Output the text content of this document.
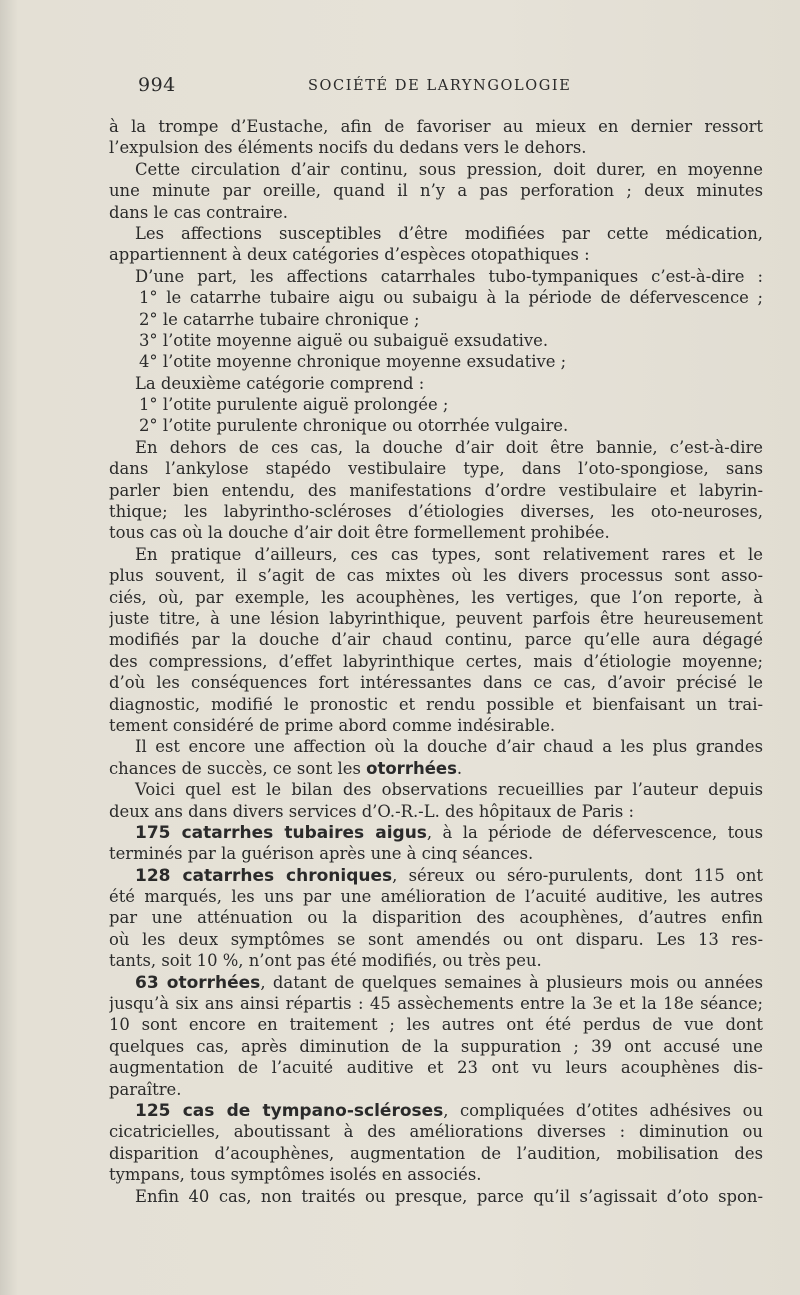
994	SOCIÉTÉ DE LARYNGOLOGIE
à la trompe d’Eustache, afin de favoriser au mieux en dernier ressort
l’expulsion des éléments nocifs du dedans vers le dehors.
Cette circulation d’air continu, sous pression, doit durer, en moyenne
une minute par oreille, quand il n’y a pas perforation ; deux minutes
dans le cas contraire.
Les affections susceptibles d’être modifiées par cette médication,
appartiennent à deux catégories d’espèces otopathiques :
D’une part, les affections catarrhales tubo-tympaniques c’est-à-dire :
1° le catarrhe tubaire aigu ou subaigu à la période de défervescence ;
2° le catarrhe tubaire chronique ;
3° l’otite moyenne aiguë ou subaiguë exsudative.
4° l’otite moyenne chronique moyenne exsudative ;
La deuxième catégorie comprend :
1° l’otite purulente aiguë prolongée ;
2° l’otite purulente chronique ou otorrhée vulgaire.
En dehors de ces cas, la douche d’air doit être bannie, c’est-à-dire
dans l’ankylose stapédo vestibulaire type, dans l’oto-spongiose, sans
parler bien entendu, des manifestations d’ordre vestibulaire et labyrin-
thique; les labyrintho-scléroses d’étiologies diverses, les oto-neuroses,
tous cas où la douche d’air doit être formellement prohibée.
En pratique d’ailleurs, ces cas types, sont relativement rares et le
plus souvent, il s’agit de cas mixtes où les divers processus sont asso-
ciés, où, par exemple, les acouphènes, les vertiges, que l’on reporte, à
juste titre, à une lésion labyrinthique, peuvent parfois être heureusement
modifiés par la douche d’air chaud continu, parce qu’elle aura dégagé
des compressions, d’effet labyrinthique certes, mais d’étiologie moyenne;
d’où les conséquences fort intéressantes dans ce cas, d’avoir précisé le
diagnostic, modifié le pronostic et rendu possible et bienfaisant un trai-
tement considéré de prime abord comme indésirable.
Il est encore une affection où la douche d’air chaud a les plus grandes
chances de succès, ce sont les otorrhées.
Voici quel est le bilan des observations recueillies par l’auteur depuis
deux ans dans divers services d’O.-R.-L. des hôpitaux de Paris :
175 catarrhes tubaires aigus, à la période de défervescence, tous
terminés par la guérison après une à cinq séances.
128 catarrhes chroniques, séreux ou séro-purulents, dont 115 ont
été marqués, les uns par une amélioration de l’acuité auditive, les autres
par une atténuation ou la disparition des acouphènes, d’autres enfin
où les deux symptômes se sont amendés ou ont disparu. Les 13 res-
tants, soit 10 %, n’ont pas été modifiés, ou très peu.
63 otorrhées, datant de quelques semaines à plusieurs mois ou années
jusqu’à six ans ainsi répartis : 45 assèchements entre la 3e et la 18e séance;
10 sont encore en traitement ; les autres ont été perdus de vue dont
quelques cas, après diminution de la suppuration ; 39 ont accusé une
augmentation de l’acuité auditive et 23 ont vu leurs acouphènes dis-
paraître.
125 cas de tympano-scléroses, compliquées d’otites adhésives ou
cicatricielles, aboutissant à des améliorations diverses : diminution ou
disparition d’acouphènes, augmentation de l’audition, mobilisation des
tympans, tous symptômes isolés en associés.
Enfin 40 cas, non traités ou presque, parce qu’il s’agissait d’oto spon-
